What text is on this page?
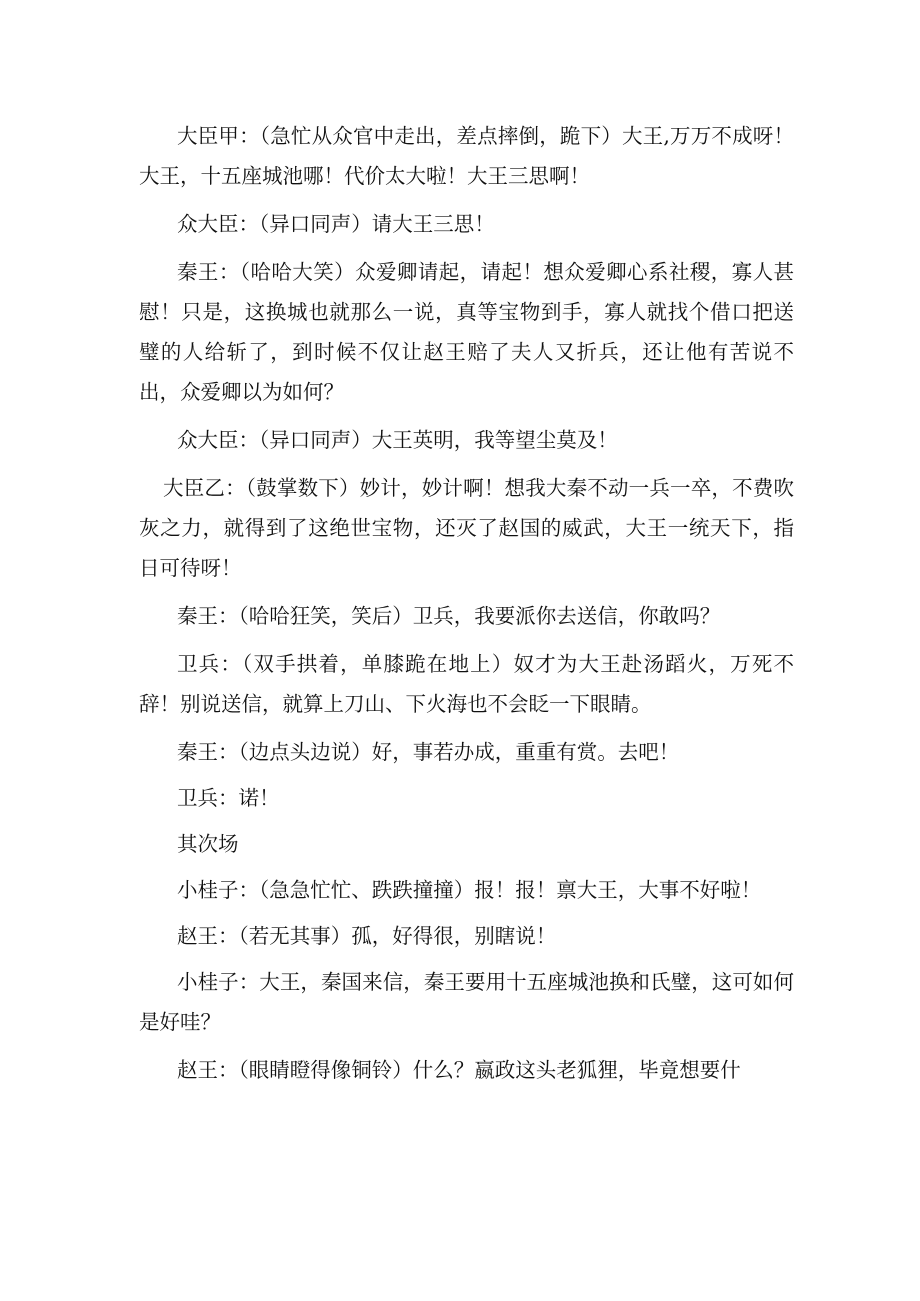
大臣甲：（急忙从众官中走出，差点摔倒，跪下）大王,万万不成呀！大王，十五座城池哪！代价太大啦！大王三思啊！

众大臣：（异口同声）请大王三思！

秦王：（哈哈大笑）众爱卿请起，请起！想众爱卿心系社稷，寡人甚慰！只是，这换城也就那么一说，真等宝物到手，寡人就找个借口把送璧的人给斩了，到时候不仅让赵王赔了夫人又折兵，还让他有苦说不出，众爱卿以为如何？

众大臣：（异口同声）大王英明，我等望尘莫及！

大臣乙：（鼓掌数下）妙计，妙计啊！想我大秦不动一兵一卒，不费吹灰之力，就得到了这绝世宝物，还灭了赵国的威武，大王一统天下，指日可待呀！

秦王：（哈哈狂笑，笑后）卫兵，我要派你去送信，你敢吗？

卫兵：（双手拱着，单膝跪在地上）奴才为大王赴汤蹈火，万死不辞！别说送信，就算上刀山、下火海也不会眨一下眼睛。

秦王：（边点头边说）好，事若办成，重重有赏。去吧！

卫兵：诺！

其次场

小桂子：（急急忙忙、跌跌撞撞）报！报！禀大王，大事不好啦！

赵王：（若无其事）孤，好得很，别瞎说！

小桂子：大王，秦国来信，秦王要用十五座城池换和氏璧，这可如何是好哇？

赵王：（眼睛瞪得像铜铃）什么？嬴政这头老狐狸，毕竟想要什
